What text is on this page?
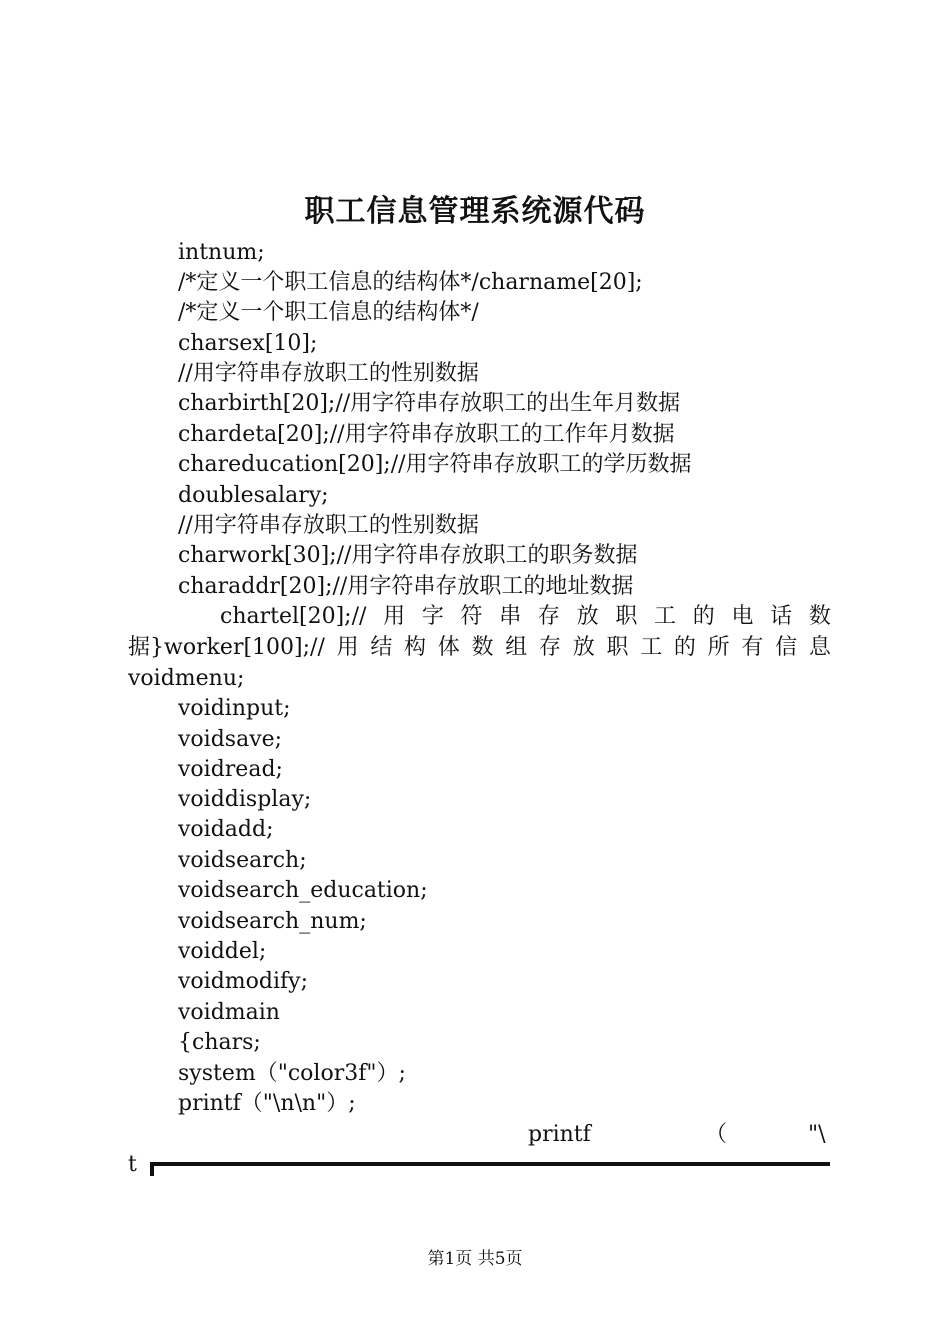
职工信息管理系统源代码
intnum;
/*定义一个职工信息的结构体*/charname[20];
/*定义一个职工信息的结构体*/
charsex[10];
//用字符串存放职工的性别数据
charbirth[20];//用字符串存放职工的出生年月数据
chardeta[20];//用字符串存放职工的工作年月数据
chareducation[20];//用字符串存放职工的学历数据
doublesalary;
//用字符串存放职工的性别数据
charwork[30];//用字符串存放职工的职务数据
charaddr[20];//用字符串存放职工的地址数据
chartel[20];// 用 字 符 串 存 放 职 工 的 电 话 数
据}worker[100];// 用 结 构 体 数 组 存 放 职 工 的 所 有 信 息
voidmenu;
voidinput;
voidsave;
voidread;
voiddisplay;
voidadd;
voidsearch;
voidsearch_education;
voidsearch_num;
voiddel;
voidmodify;
voidmain
{chars;
system（"color3f"）;
printf（"\n\n"）;
printf	（	"\
t
第1页 共5页
